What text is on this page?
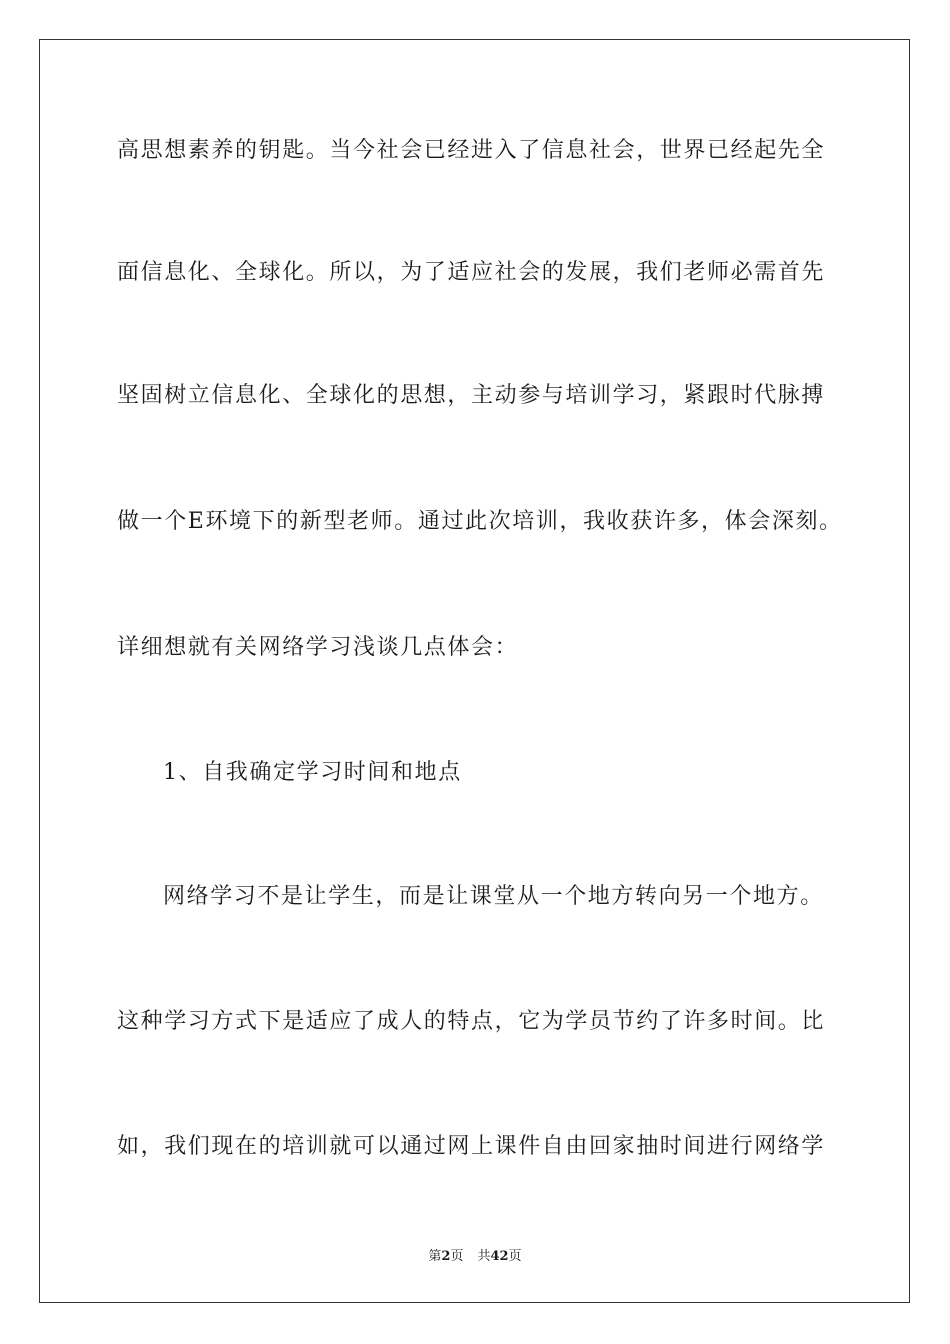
高思想素养的钥匙。当今社会已经进入了信息社会，世界已经起先全
面信息化、全球化。所以，为了适应社会的发展，我们老师必需首先
坚固树立信息化、全球化的思想，主动参与培训学习，紧跟时代脉搏
做一个E环境下的新型老师。通过此次培训，我收获许多，体会深刻。
详细想就有关网络学习浅谈几点体会：
1、自我确定学习时间和地点
网络学习不是让学生，而是让课堂从一个地方转向另一个地方。
这种学习方式下是适应了成人的特点，它为学员节约了许多时间。比
如，我们现在的培训就可以通过网上课件自由回家抽时间进行网络学
第2页 共42页
